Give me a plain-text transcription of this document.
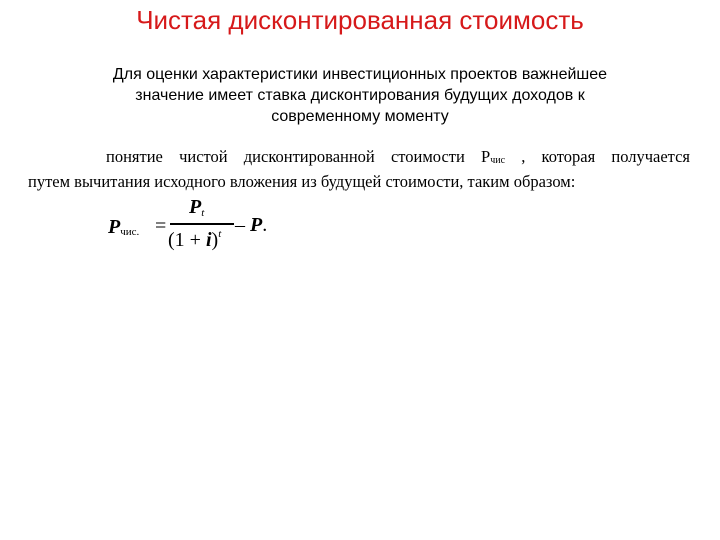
Чистая дисконтированная стоимость
Для оценки характеристики инвестиционных проектов важнейшее
значение имеет ставка дисконтирования будущих доходов к
современному моменту
понятие чистой дисконтированной стоимости Рчис , которая получается
путем вычитания исходного вложения из будущей стоимости, таким образом:
Pчис. =
Pt
$(1 + i)^t - P$.
